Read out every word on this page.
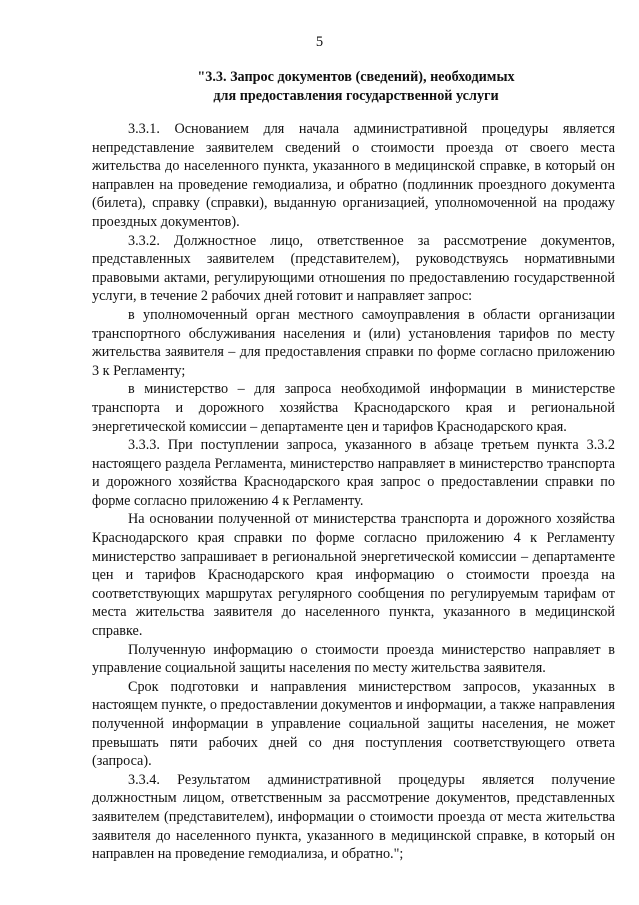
5
"3.3. Запрос документов (сведений), необходимых
для предоставления государственной услуги

3.3.1. Основанием для начала административной процедуры является непредставление заявителем сведений о стоимости проезда от своего места жительства до населенного пункта, указанного в медицинской справке, в который он направлен на проведение гемодиализа, и обратно (подлинник проездного документа (билета), справку (справки), выданную организацией, уполномоченной на продажу проездных документов).

3.3.2. Должностное лицо, ответственное за рассмотрение документов, представленных заявителем (представителем), руководствуясь нормативными правовыми актами, регулирующими отношения по предоставлению государственной услуги, в течение 2 рабочих дней готовит и направляет запрос:

в уполномоченный орган местного самоуправления в области организации транспортного обслуживания населения и (или) установления тарифов по месту жительства заявителя – для предоставления справки по форме согласно приложению 3 к Регламенту;

в министерство – для запроса необходимой информации в министерстве транспорта и дорожного хозяйства Краснодарского края и региональной энергетической комиссии – департаменте цен и тарифов Краснодарского края.

3.3.3. При поступлении запроса, указанного в абзаце третьем пункта 3.3.2 настоящего раздела Регламента, министерство направляет в министерство транспорта и дорожного хозяйства Краснодарского края запрос о предоставлении справки по форме согласно приложению 4 к Регламенту.

На основании полученной от министерства транспорта и дорожного хозяйства Краснодарского края справки по форме согласно приложению 4 к Регламенту министерство запрашивает в региональной энергетической комиссии – департаменте цен и тарифов Краснодарского края информацию о стоимости проезда на соответствующих маршрутах регулярного сообщения по регулируемым тарифам от места жительства заявителя до населенного пункта, указанного в медицинской справке.

Полученную информацию о стоимости проезда министерство направляет в управление социальной защиты населения по месту жительства заявителя.

Срок подготовки и направления министерством запросов, указанных в настоящем пункте, о предоставлении документов и информации, а также направления полученной информации в управление социальной защиты населения, не может превышать пяти рабочих дней со дня поступления соответствующего ответа (запроса).

3.3.4. Результатом административной процедуры является получение должностным лицом, ответственным за рассмотрение документов, представленных заявителем (представителем), информации о стоимости проезда от места жительства заявителя до населенного пункта, указанного в медицинской справке, в который он направлен на проведение гемодиализа, и обратно.";
